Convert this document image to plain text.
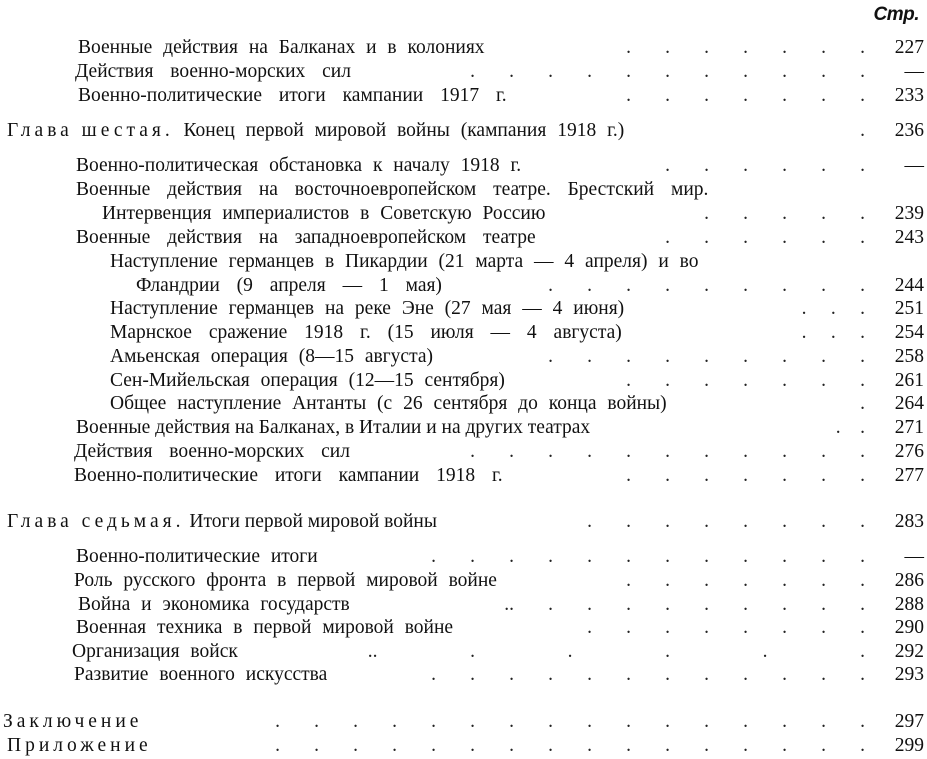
Стр.
Военные действия на Балканах и в колониях	.       .       .       .       .       .       .	227
Действия военно-морских сил	.       .       .       .       .       .       .       .       .       .       .	—
Военно-политические итоги кампании 1917 г.	.       .       .       .       .       .       .	233
Глава шестая. Конец первой мировой войны (кампания 1918 г.)	.	236
Военно-политическая обстановка к началу 1918 г.	.       .       .       .       .       .	—
Военные действия на восточноевропейском театре. Брестский мир.
Интервенция империалистов в Советскую Россию	.       .       .       .       .	239
Военные действия на западноевропейском театре	.       .       .       .       .       .	243
Наступление германцев в Пикардии (21 марта — 4 апреля) и во
Фландрии (9 апреля — 1 мая)	.       .       .       .       .       .       .       .       .	244
Наступление германцев на реке Эне (27 мая — 4 июня)	.     .     .	251
Марнское сражение 1918 г. (15 июля — 4 августа)	.     .     .	254
Амьенская операция (8—15 августа)	.       .       .       .       .       .       .       .       .	258
Сен-Мийельская операция (12—15 сентября)	.       .       .       .       .       .       .	261
Общее наступление Антанты (с 26 сентября до конца войны)	.	264
Военные действия на Балканах, в Италии и на других театрах	.    .	271
Действия военно-морских сил	.       .       .       .       .       .       .       .       .       .       .	276
Военно-политические итоги кампании 1918 г.	.       .       .       .       .       .       .	277
Глава седьмая. Итоги первой мировой войны	.       .       .       .       .       .       .       .	283
Военно-политические итоги	.       .       .       .       .       .       .       .       .       .       .       .	—
Роль русского фронта в первой мировой войне	.       .       .       .       .       .       .	286
Война и экономика государств	..       .       .       .       .       .       .       .       .       .	288
Военная техника в первой мировой войне	.       .       .       .       .       .       .       .	290
Организация войск	..                   .                   .                   .                   .                   .	292
Развитие военного искусства	.       .       .       .       .       .       .       .       .       .       .       .	293
Заключение	.       .       .       .       .       .       .       .       .       .       .       .       .       .       .       .	297
Приложение	.       .       .       .       .       .       .       .       .       .       .       .       .       .       .       .	299
